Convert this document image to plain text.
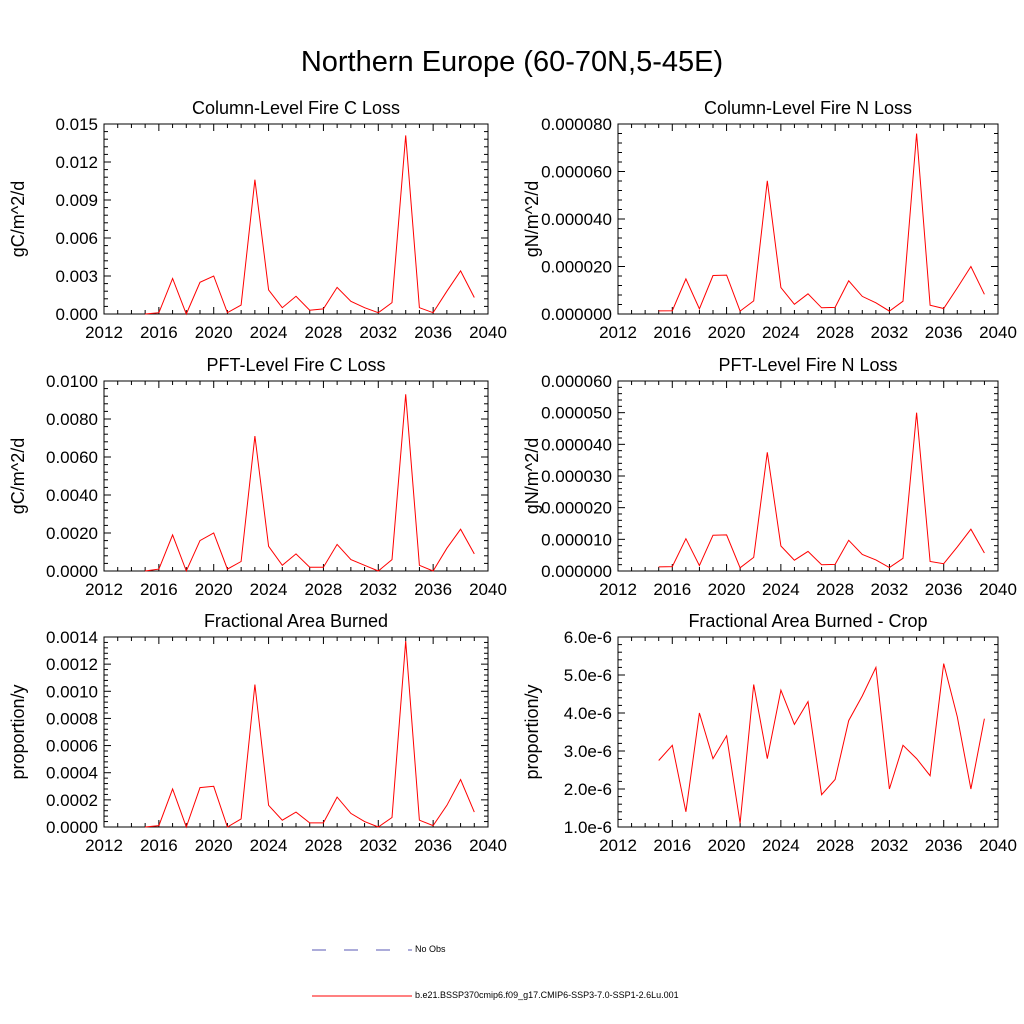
Northern Europe (60-70N,5-45E)
Column-Level Fire C Loss
gC/m^2/d
2012 2016 2020 2024 2028 2032 2036 2040
0.000
0.003
0.006
0.009
0.012
0.015
Column-Level Fire N Loss
gN/m^2/d
2012 2016 2020 2024 2028 2032 2036 2040
0.000000
0.000020
0.000040
0.000060
0.000080
PFT-Level Fire C Loss
gC/m^2/d
2012 2016 2020 2024 2028 2032 2036 2040
0.0000
0.0020
0.0040
0.0060
0.0080
0.0100
PFT-Level Fire N Loss
gN/m^2/d
2012 2016 2020 2024 2028 2032 2036 2040
0.000000
0.000010
0.000020
0.000030
0.000040
0.000050
0.000060
Fractional Area Burned
proportion/y
2012 2016 2020 2024 2028 2032 2036 2040
0.0000
0.0002
0.0004
0.0006
0.0008
0.0010
0.0012
0.0014
Fractional Area Burned - Crop
proportion/y
2012 2016 2020 2024 2028 2032 2036 2040
1.0e-6
2.0e-6
3.0e-6
4.0e-6
5.0e-6
6.0e-6
No Obs
b.e21.BSSP370cmip6.f09_g17.CMIP6-SSP3-7.0-SSP1-2.6Lu.001
